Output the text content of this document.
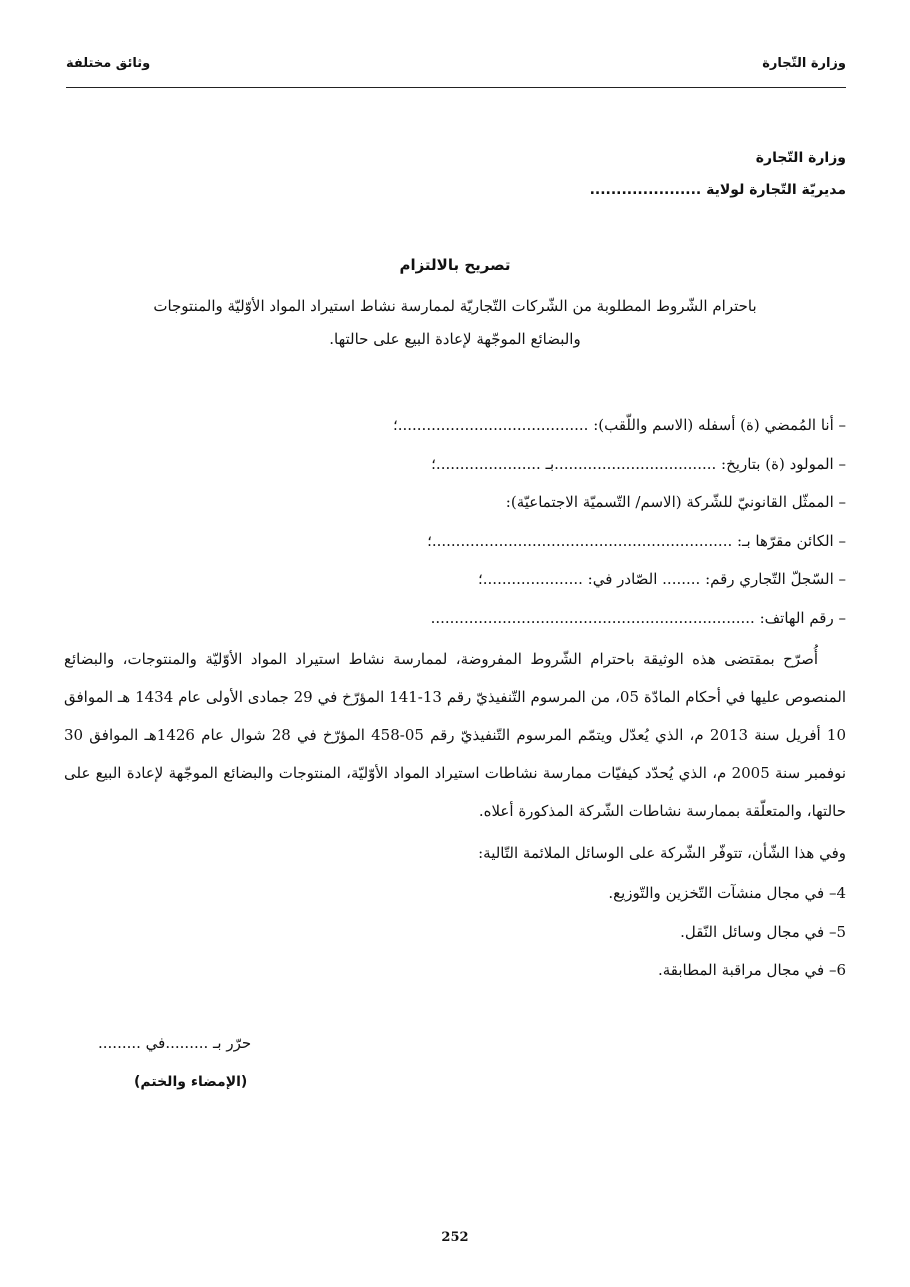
وزارة التّجارة
وثائق مختلفة
وزارة التّجارة
مديريّة التّجارة لولاية .....................
تصريح بالالتزام
باحترام الشّروط المطلوبة من الشّركات التّجاريّة لممارسة نشاط استيراد المواد الأوّليّة والمنتوجات والبضائع الموجّهة لإعادة البيع على حالتها.
– أنا المُمضي (ة) أسفله (الاسم واللّقب): ........................................؛
– المولود (ة) بتاريخ: ..................................بـ ......................؛
– الممثّل القانونيّ للشّركة (الاسم/ التّسميّة الاجتماعيّة):
– الكائن مقرّها بـ: ...............................................................؛
– السّجلّ التّجاري رقم: ........ الصّادر في: .....................؛
– رقم الهاتف: ....................................................................

أُصرّح بمقتضى هذه الوثيقة باحترام الشّروط المفروضة، لممارسة نشاط استيراد المواد الأوّليّة والمنتوجات، والبضائع المنصوص عليها في أحكام المادّة 05، من المرسوم التّنفيذيّ رقم 13-141 المؤرّخ في 29 جمادى الأولى عام 1434 هـ الموافق 10 أفريل سنة 2013 م، الذي يُعدّل ويتمّم المرسوم التّنفيذيّ رقم 05-458 المؤرّخ في 28 شوال عام 1426هـ الموافق 30 نوفمبر سنة 2005 م، الذي يُحدّد كيفيّات ممارسة نشاطات استيراد المواد الأوّليّة، المنتوجات والبضائع الموجّهة لإعادة البيع على حالتها، والمتعلّقة بممارسة نشاطات الشّركة المذكورة أعلاه.

وفي هذا الشّأن، تتوفّر الشّركة على الوسائل الملائمة التّالية:
4– في مجال منشآت التّخزين والتّوزيع.
5– في مجال وسائل النّقل.
6– في مجال مراقبة المطابقة.
حرّر بـ .........في .........
(الإمضاء والختم)
252
